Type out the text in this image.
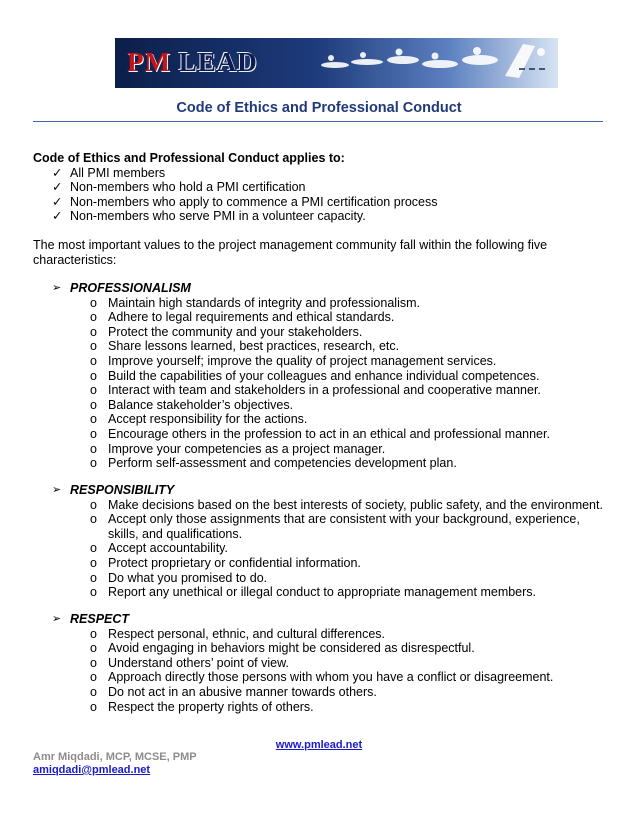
PM LEAD
Code of Ethics and Professional Conduct
Code of Ethics and Professional Conduct applies to:
✓ All PMI members
✓ Non-members who hold a PMI certification
✓ Non-members who apply to commence a PMI certification process
✓ Non-members who serve PMI in a volunteer capacity.
The most important values to the project management community fall within the following five characteristics:
➢ PROFESSIONALISM
o Maintain high standards of integrity and professionalism.
o Adhere to legal requirements and ethical standards.
o Protect the community and your stakeholders.
o Share lessons learned, best practices, research, etc.
o Improve yourself; improve the quality of project management services.
o Build the capabilities of your colleagues and enhance individual competences.
o Interact with team and stakeholders in a professional and cooperative manner.
o Balance stakeholder’s objectives.
o Accept responsibility for the actions.
o Encourage others in the profession to act in an ethical and professional manner.
o Improve your competencies as a project manager.
o Perform self-assessment and competencies development plan.
➢ RESPONSIBILITY
o Make decisions based on the best interests of society, public safety, and the environment.
o Accept only those assignments that are consistent with your background, experience, skills, and qualifications.
o Accept accountability.
o Protect proprietary or confidential information.
o Do what you promised to do.
o Report any unethical or illegal conduct to appropriate management members.
➢ RESPECT
o Respect personal, ethnic, and cultural differences.
o Avoid engaging in behaviors might be considered as disrespectful.
o Understand others’ point of view.
o Approach directly those persons with whom you have a conflict or disagreement.
o Do not act in an abusive manner towards others.
o Respect the property rights of others.
www.pmlead.net
Amr Miqdadi, MCP, MCSE, PMP
amiqdadi@pmlead.net
